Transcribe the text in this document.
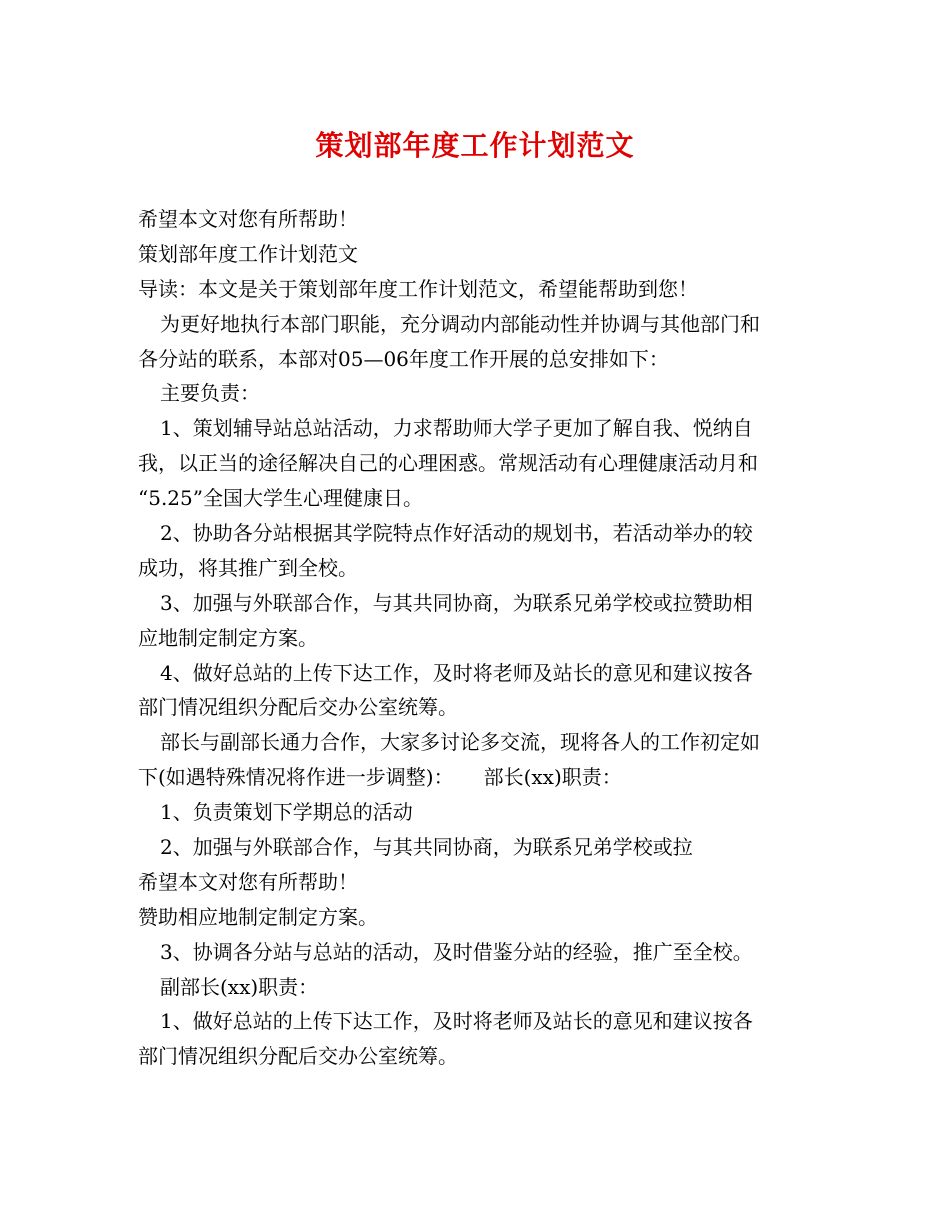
策划部年度工作计划范文
希望本文对您有所帮助！
策划部年度工作计划范文
导读：本文是关于策划部年度工作计划范文，希望能帮助到您！
为更好地执行本部门职能，充分调动内部能动性并协调与其他部门和
各分站的联系，本部对05—06年度工作开展的总安排如下：
主要负责：
1、策划辅导站总站活动，力求帮助师大学子更加了解自我、悦纳自
我，以正当的途径解决自己的心理困惑。常规活动有心理健康活动月和
“5.25”全国大学生心理健康日。
2、协助各分站根据其学院特点作好活动的规划书，若活动举办的较
成功，将其推广到全校。
3、加强与外联部合作，与其共同协商，为联系兄弟学校或拉赞助相
应地制定制定方案。
4、做好总站的上传下达工作，及时将老师及站长的意见和建议按各
部门情况组织分配后交办公室统筹。
部长与副部长通力合作，大家多讨论多交流，现将各人的工作初定如
下(如遇特殊情况将作进一步调整)：　　部长(xx)职责：
1、负责策划下学期总的活动
2、加强与外联部合作，与其共同协商，为联系兄弟学校或拉
希望本文对您有所帮助！
赞助相应地制定制定方案。
3、协调各分站与总站的活动，及时借鉴分站的经验，推广至全校。
副部长(xx)职责：
1、做好总站的上传下达工作，及时将老师及站长的意见和建议按各
部门情况组织分配后交办公室统筹。
